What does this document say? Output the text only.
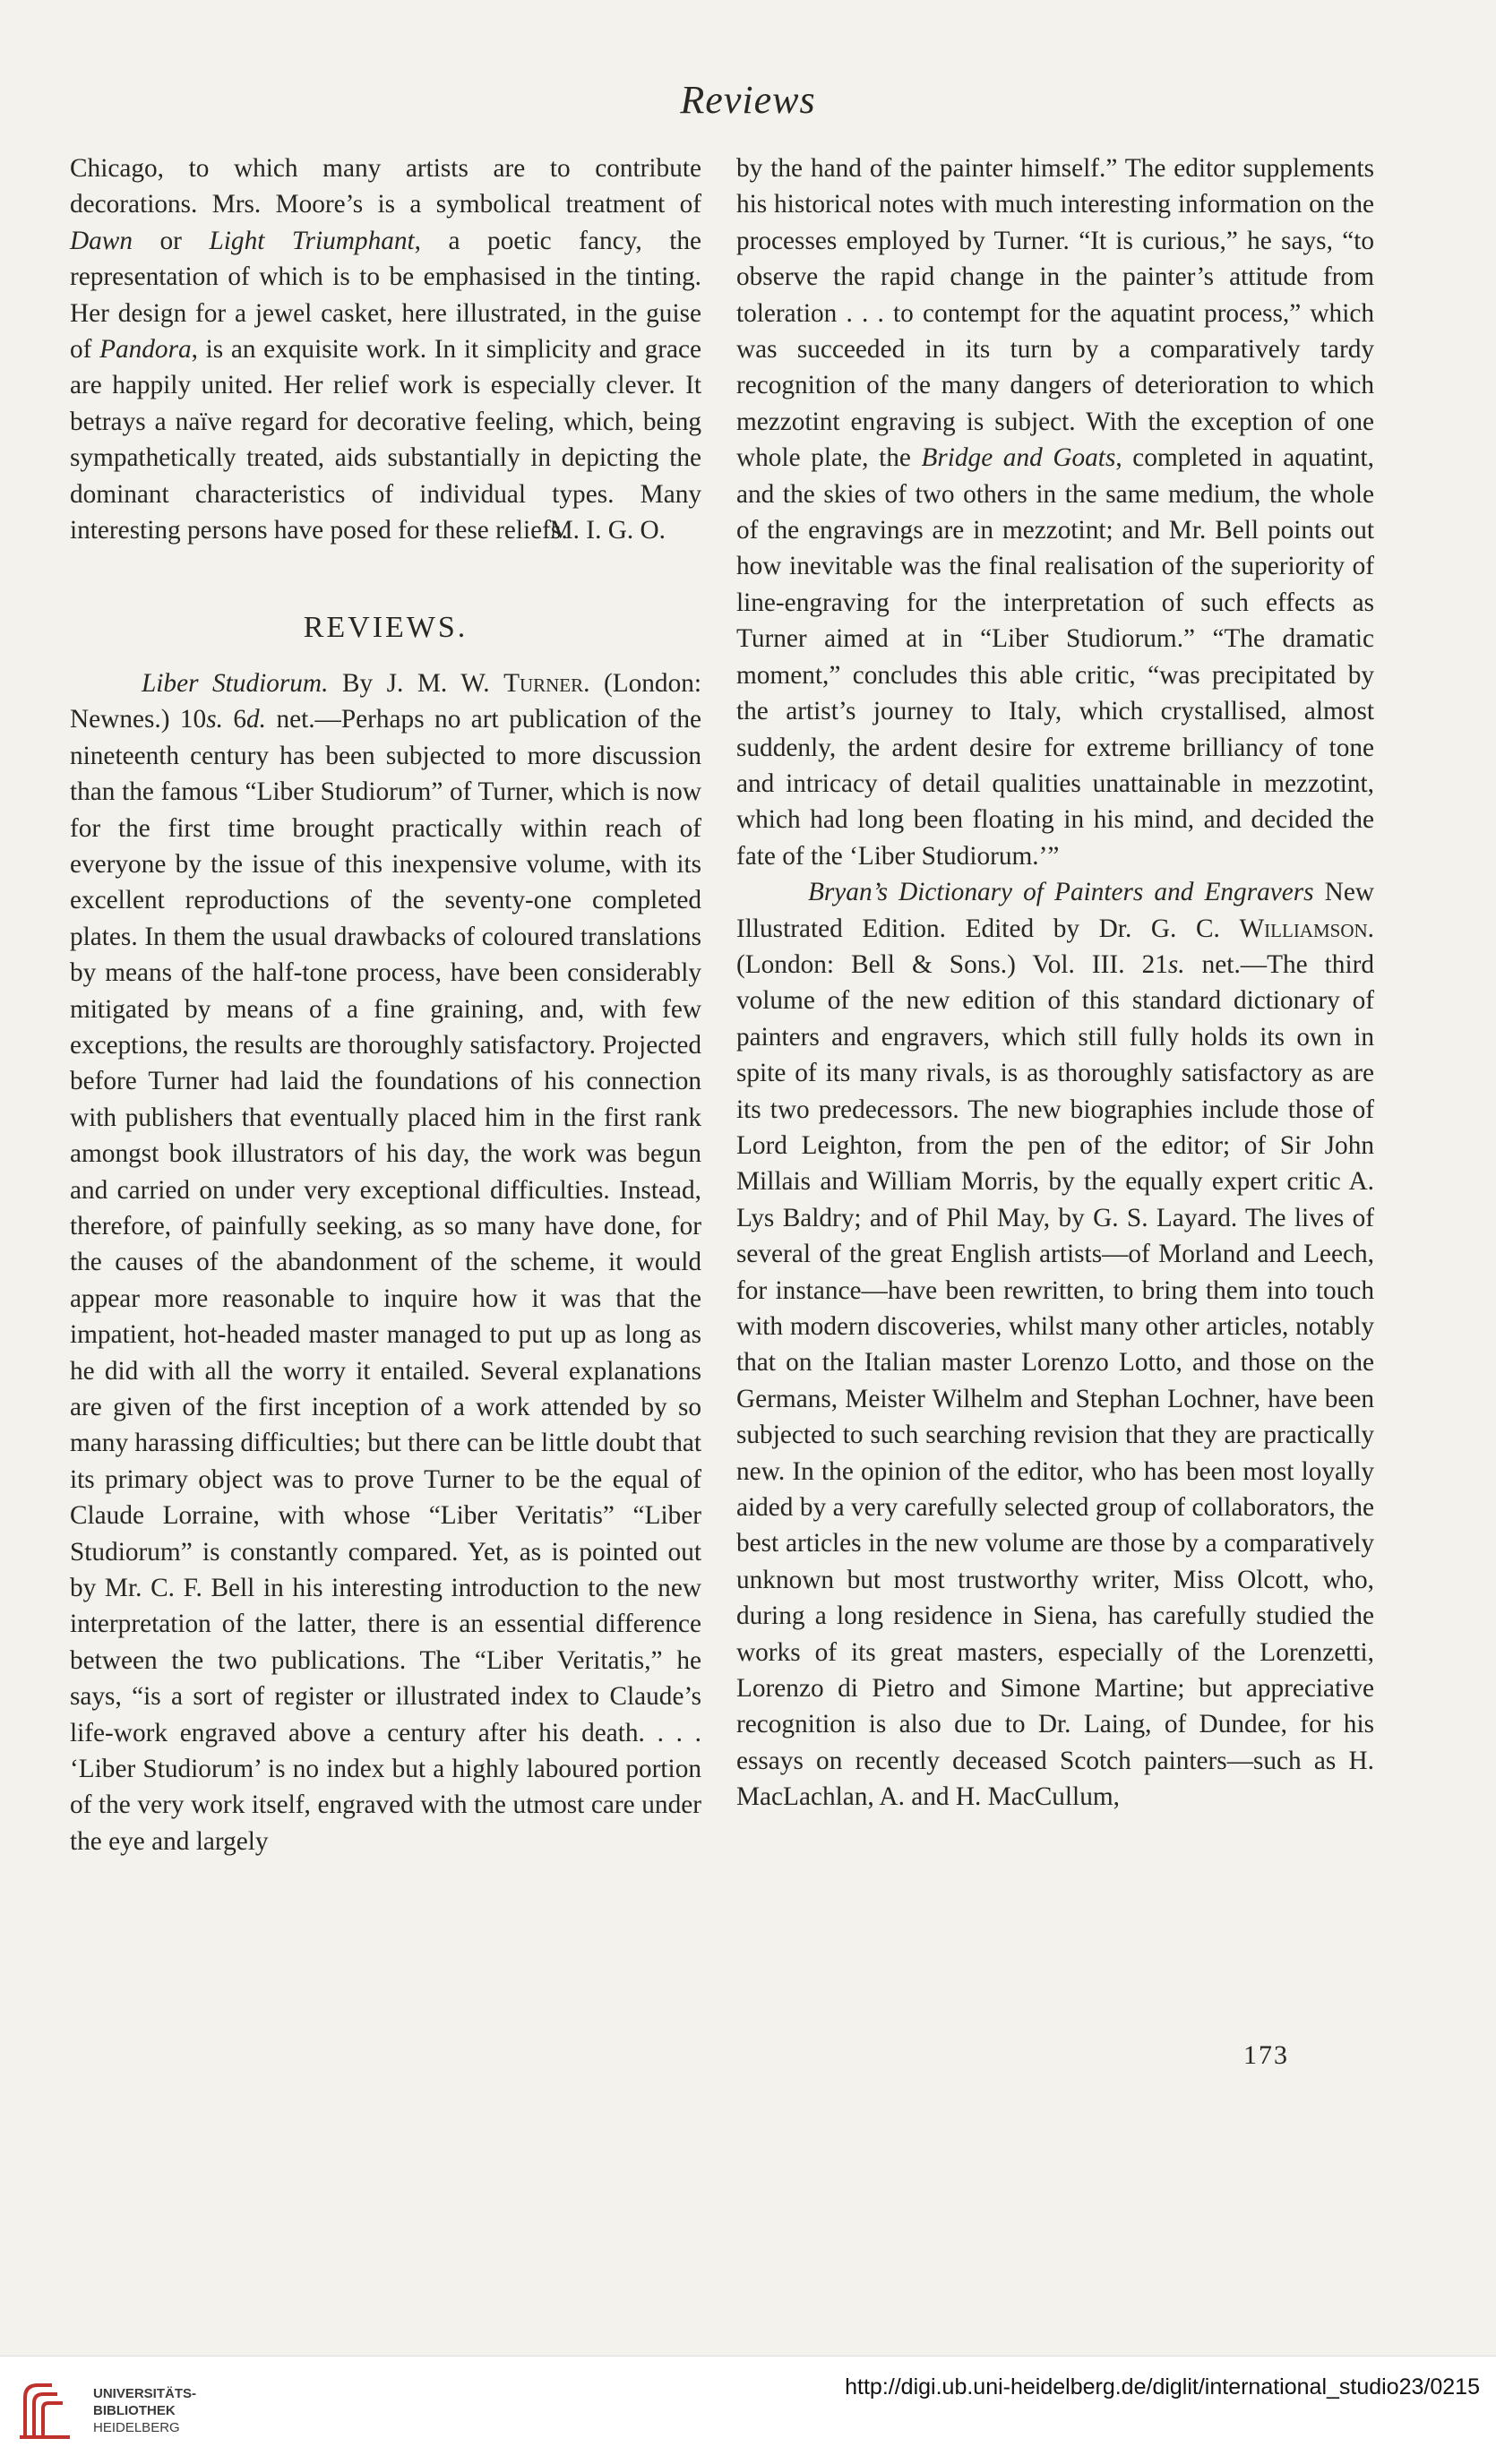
Reviews

Chicago, to which many artists are to contribute decorations. Mrs. Moore’s is a symbolical treatment of Dawn or Light Triumphant, a poetic fancy, the representation of which is to be emphasised in the tinting. Her design for a jewel casket, here illustrated, in the guise of Pandora, is an exquisite work. In it simplicity and grace are happily united. Her relief work is especially clever. It betrays a naïve regard for decorative feeling, which, being sympathetically treated, aids substantially in depicting the dominant characteristics of individual types. Many interesting persons have posed for these reliefs.

M. I. G. O.
REVIEWS.

Liber Studiorum. By J. M. W. Turner. (London: Newnes.) 10s. 6d. net.—Perhaps no art publication of the nineteenth century has been subjected to more discussion than the famous “Liber Studiorum” of Turner, which is now for the first time brought practically within reach of everyone by the issue of this inexpensive volume, with its excellent reproductions of the seventy-one completed plates. In them the usual drawbacks of coloured translations by means of the half-tone process, have been considerably mitigated by means of a fine graining, and, with few exceptions, the results are thoroughly satisfactory. Projected before Turner had laid the foundations of his connection with publishers that eventually placed him in the first rank amongst book illustrators of his day, the work was begun and carried on under very exceptional difficulties. Instead, therefore, of painfully seeking, as so many have done, for the causes of the abandonment of the scheme, it would appear more reasonable to inquire how it was that the impatient, hot-headed master managed to put up as long as he did with all the worry it entailed. Several explanations are given of the first inception of a work attended by so many harassing difficulties; but there can be little doubt that its primary object was to prove Turner to be the equal of Claude Lorraine, with whose “Liber Veritatis” “Liber Studiorum” is constantly compared. Yet, as is pointed out by Mr. C. F. Bell in his interesting introduction to the new interpretation of the latter, there is an essential difference between the two publications. The “Liber Veritatis,” he says, “is a sort of register or illustrated index to Claude’s life-work engraved above a century after his death. . . . ‘Liber Studiorum’ is no index but a highly laboured portion of the very work itself, engraved with the utmost care under the eye and largely

by the hand of the painter himself.” The editor supplements his historical notes with much interesting information on the processes employed by Turner. “It is curious,” he says, “to observe the rapid change in the painter’s attitude from toleration . . . to contempt for the aquatint process,” which was succeeded in its turn by a comparatively tardy recognition of the many dangers of deterioration to which mezzotint engraving is subject. With the exception of one whole plate, the Bridge and Goats, completed in aquatint, and the skies of two others in the same medium, the whole of the engravings are in mezzotint; and Mr. Bell points out how inevitable was the final realisation of the superiority of line-engraving for the interpretation of such effects as Turner aimed at in “Liber Studiorum.” “The dramatic moment,” concludes this able critic, “was precipitated by the artist’s journey to Italy, which crystallised, almost suddenly, the ardent desire for extreme brilliancy of tone and intricacy of detail qualities unattainable in mezzotint, which had long been floating in his mind, and decided the fate of the ‘Liber Studiorum.’”

Bryan’s Dictionary of Painters and Engravers New Illustrated Edition. Edited by Dr. G. C. Williamson. (London: Bell & Sons.) Vol. III. 21s. net.—The third volume of the new edition of this standard dictionary of painters and engravers, which still fully holds its own in spite of its many rivals, is as thoroughly satisfactory as are its two predecessors. The new biographies include those of Lord Leighton, from the pen of the editor; of Sir John Millais and William Morris, by the equally expert critic A. Lys Baldry; and of Phil May, by G. S. Layard. The lives of several of the great English artists—of Morland and Leech, for instance—have been rewritten, to bring them into touch with modern discoveries, whilst many other articles, notably that on the Italian master Lorenzo Lotto, and those on the Germans, Meister Wilhelm and Stephan Lochner, have been subjected to such searching revision that they are practically new. In the opinion of the editor, who has been most loyally aided by a very carefully selected group of collaborators, the best articles in the new volume are those by a comparatively unknown but most trustworthy writer, Miss Olcott, who, during a long residence in Siena, has carefully studied the works of its great masters, especially of the Lorenzetti, Lorenzo di Pietro and Simone Martine; but appreciative recognition is also due to Dr. Laing, of Dundee, for his essays on recently deceased Scotch painters—such as H. MacLachlan, A. and H. MacCullum,

173
UNIVERSITÄTS-
BIBLIOTHEK
HEIDELBERG
http://digi.ub.uni-heidelberg.de/diglit/international_studio23/0215
